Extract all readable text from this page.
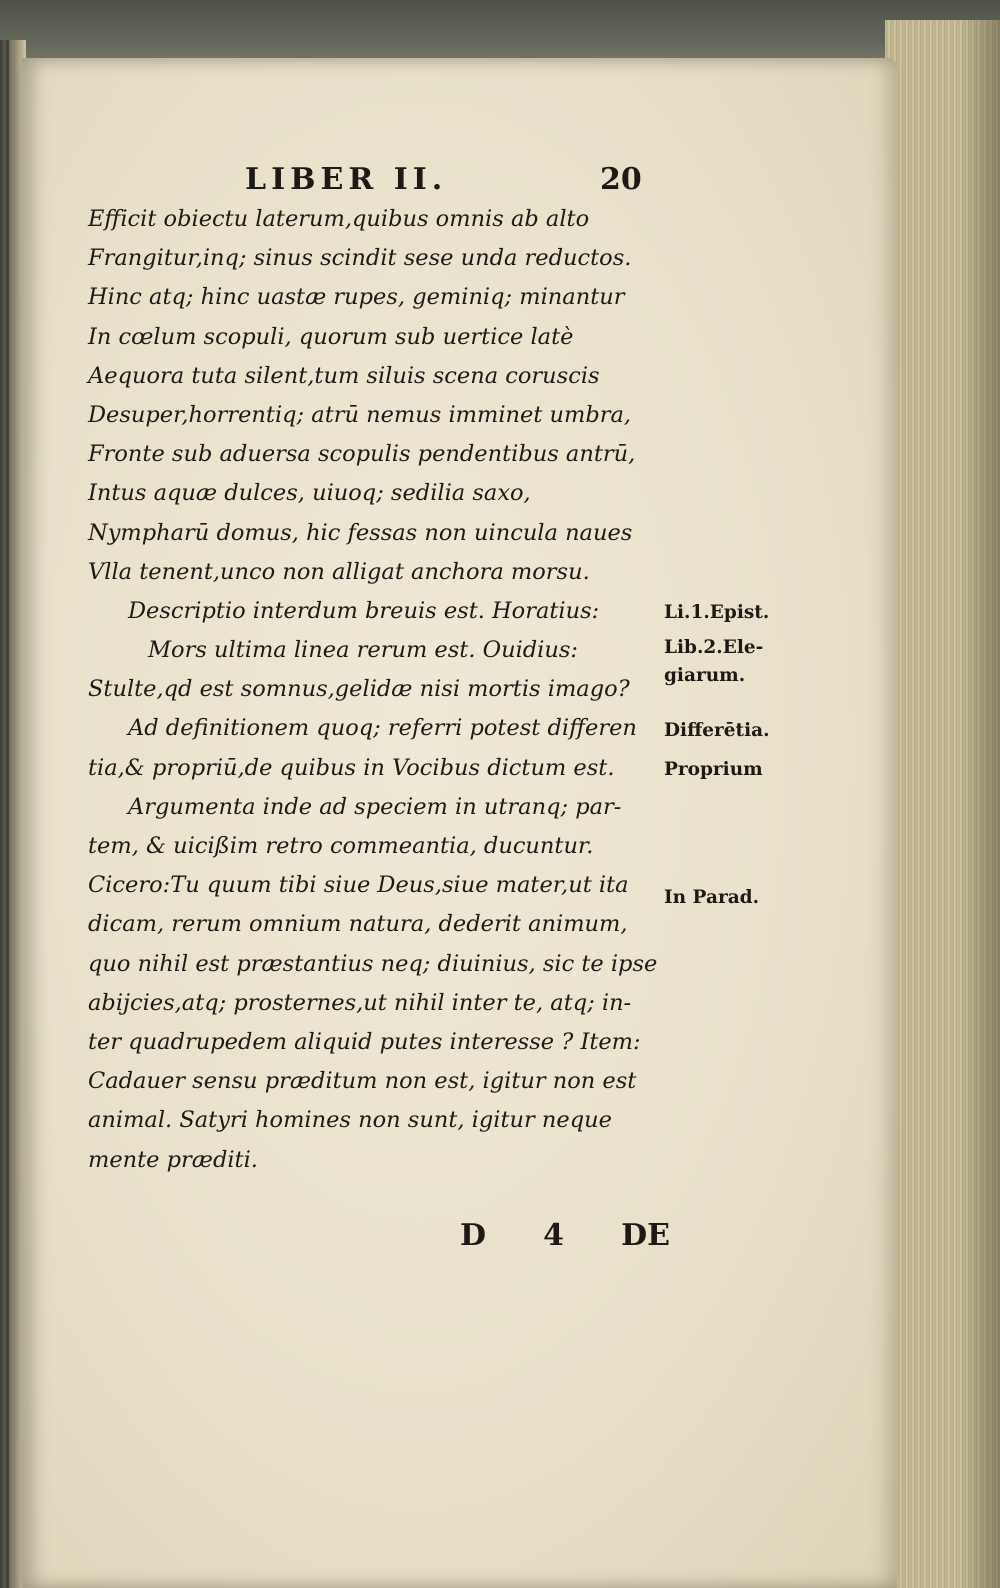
LIBER II.	20
Efficit obiectu laterum,quibus omnis ab alto
Frangitur,inq; sinus scindit sese unda reductos.
Hinc atq; hinc uastæ rupes, geminiq; minantur
In cœlum scopuli, quorum sub uertice latè
Aequora tuta silent,tum siluis scena coruscis
Desuper,horrentiq; atrū nemus imminet umbra,
Fronte sub aduersa scopulis pendentibus antrū,
Intus aquæ dulces, uiuoq; sedilia saxo,
Nympharū domus, hic fessas non uincula naues
Vlla tenent,unco non alligat anchora morsu.
Descriptio interdum breuis est. Horatius:
Mors ultima linea rerum est. Ouidius:
Stulte,qd est somnus,gelidæ nisi mortis imago?
Ad definitionem quoq; referri potest differen
tia,& propriū,de quibus in Vocibus dictum est.
Argumenta inde ad speciem in utranq; par-
tem, & uicißim retro commeantia, ducuntur.
Cicero:Tu quum tibi siue Deus,siue mater,ut ita
dicam, rerum omnium natura, dederit animum,
quo nihil est præstantius neq; diuinius, sic te ipse
abijcies,atq; prosternes,ut nihil inter te, atq; in-
ter quadrupedem aliquid putes interesse ? Item:
Cadauer sensu præditum non est, igitur non est
animal. Satyri homines non sunt, igitur neque
mente præditi.
Li.1.Epist.
Lib.2.Ele-
giarum.
Differētia.
Proprium
In Parad.
D 4 DE
